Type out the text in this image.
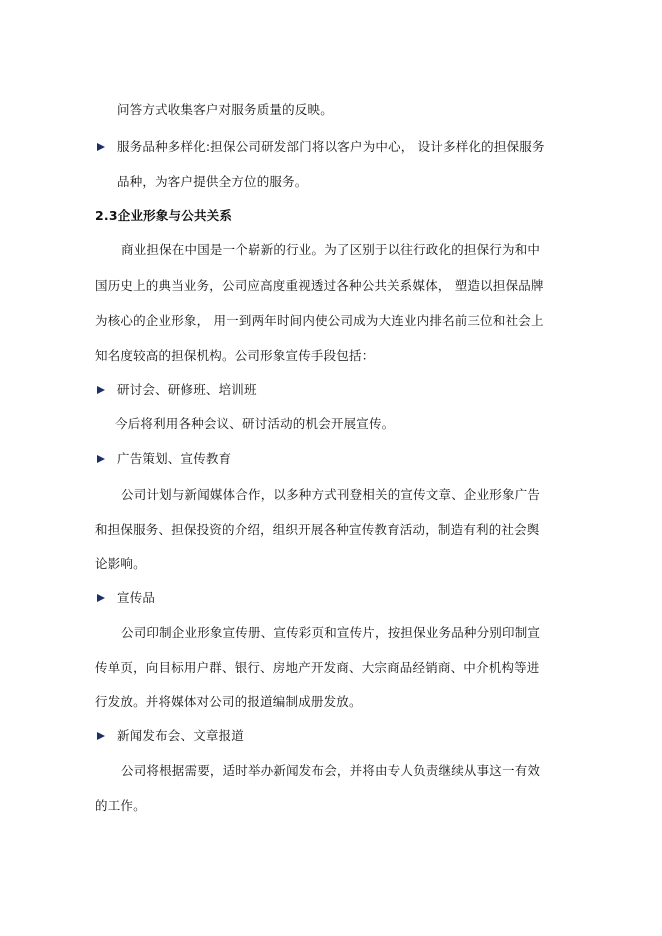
问答方式收集客户对服务质量的反映。
服务品种多样化:担保公司研发部门将以客户为中心， 设计多样化的担保服务
品种，为客户提供全方位的服务。
2.3企业形象与公共关系
商业担保在中国是一个崭新的行业。为了区别于以往行政化的担保行为和中
国历史上的典当业务，公司应高度重视透过各种公共关系媒体， 塑造以担保品牌
为核心的企业形象， 用一到两年时间内使公司成为大连业内排名前三位和社会上
知名度较高的担保机构。公司形象宣传手段包括：
研讨会、研修班、培训班
今后将利用各种会议、研讨活动的机会开展宣传。
广告策划、宣传教育
公司计划与新闻媒体合作，以多种方式刊登相关的宣传文章、企业形象广告
和担保服务、担保投资的介绍，组织开展各种宣传教育活动，制造有利的社会舆
论影响。
宣传品
公司印制企业形象宣传册、宣传彩页和宣传片，按担保业务品种分别印制宣
传单页，向目标用户群、银行、房地产开发商、大宗商品经销商、中介机构等进
行发放。并将媒体对公司的报道编制成册发放。
新闻发布会、文章报道
公司将根据需要，适时举办新闻发布会，并将由专人负责继续从事这一有效
的工作。
